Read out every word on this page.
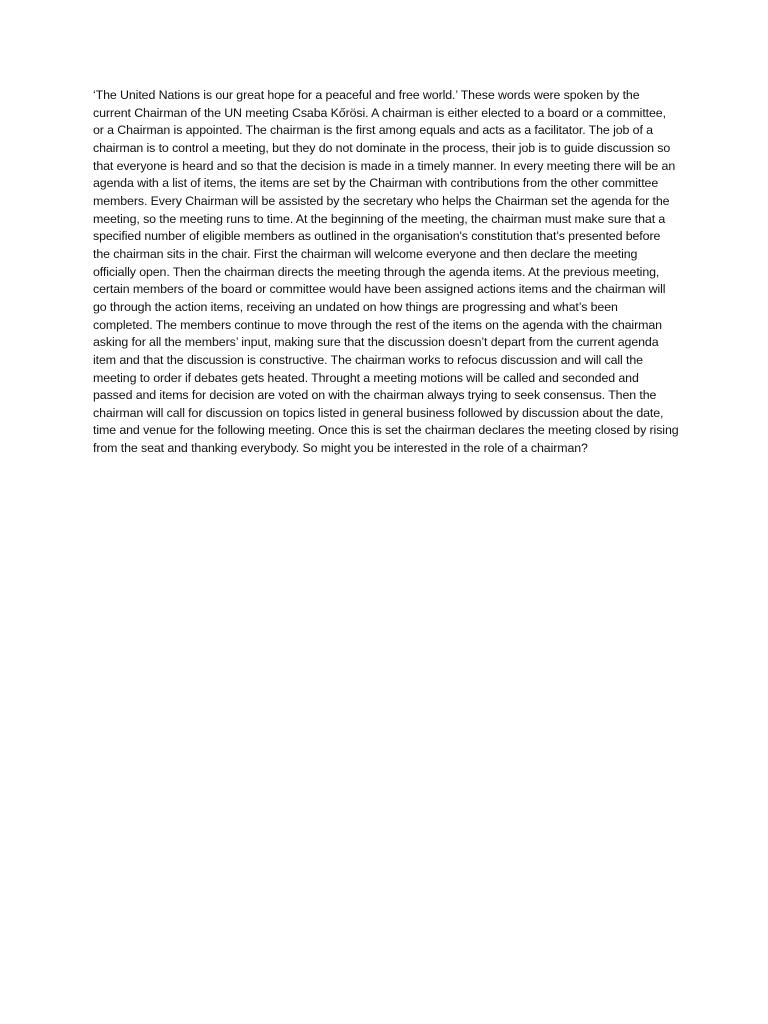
‘The United Nations is our great hope for a peaceful and free world.’ These words were spoken by the current Chairman of the UN meeting Csaba Kőrösi. A chairman is either elected to a board or a committee, or a Chairman is appointed. The chairman is the first among equals and acts as a facilitator. The job of a chairman is to control a meeting, but they do not dominate in the process, their job is to guide discussion so that everyone is heard and so that the decision is made in a timely manner. In every meeting there will be an agenda with a list of items, the items are set by the Chairman with contributions from the other committee members. Every Chairman will be assisted by the secretary who helps the Chairman set the agenda for the meeting, so the meeting runs to time. At the beginning of the meeting, the chairman must make sure that a specified number of eligible members as outlined in the organisation's constitution that’s presented before the chairman sits in the chair. First the chairman will welcome everyone and then declare the meeting officially open. Then the chairman directs the meeting through the agenda items. At the previous meeting, certain members of the board or committee would have been assigned actions items and the chairman will go through the action items, receiving an undated on how things are progressing and what’s been completed. The members continue to move through the rest of the items on the agenda with the chairman asking for all the members’ input, making sure that the discussion doesn’t depart from the current agenda item and that the discussion is constructive. The chairman works to refocus discussion and will call the meeting to order if debates gets heated. Throught a meeting motions will be called and seconded and passed and items for decision are voted on with the chairman always trying to seek consensus. Then the chairman will call for discussion on topics listed in general business followed by discussion about the date, time and venue for the following meeting. Once this is set the chairman declares the meeting closed by rising from the seat and thanking everybody. So might you be interested in the role of a chairman?
